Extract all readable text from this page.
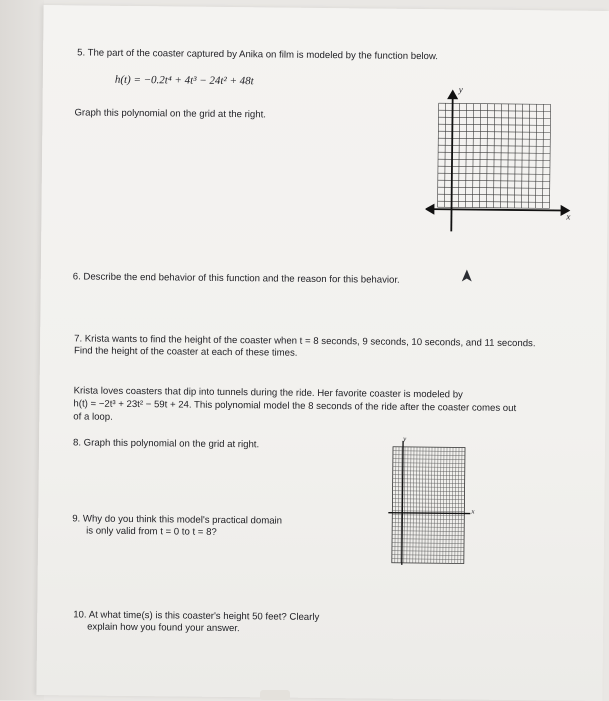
5. The part of the coaster captured by Anika on film is modeled by the function below.
h(t) = −0.2t⁴ + 4t³ − 24t² + 48t
Graph this polynomial on the grid at the right.
y
x
6. Describe the end behavior of this function and the reason for this behavior.
7. Krista wants to find the height of the coaster when t = 8 seconds, 9 seconds, 10 seconds, and 11 seconds.
Find the height of the coaster at each of these times.
Krista loves coasters that dip into tunnels during the ride. Her favorite coaster is modeled by
h(t) = −2t³ + 23t² − 59t + 24. This polynomial model the 8 seconds of the ride after the coaster comes out
of a loop.
8. Graph this polynomial on the grid at right.	y
x
9. Why do you think this model's practical domain
is only valid from t = 0 to t = 8?
10. At what time(s) is this coaster's height 50 feet? Clearly
explain how you found your answer.
